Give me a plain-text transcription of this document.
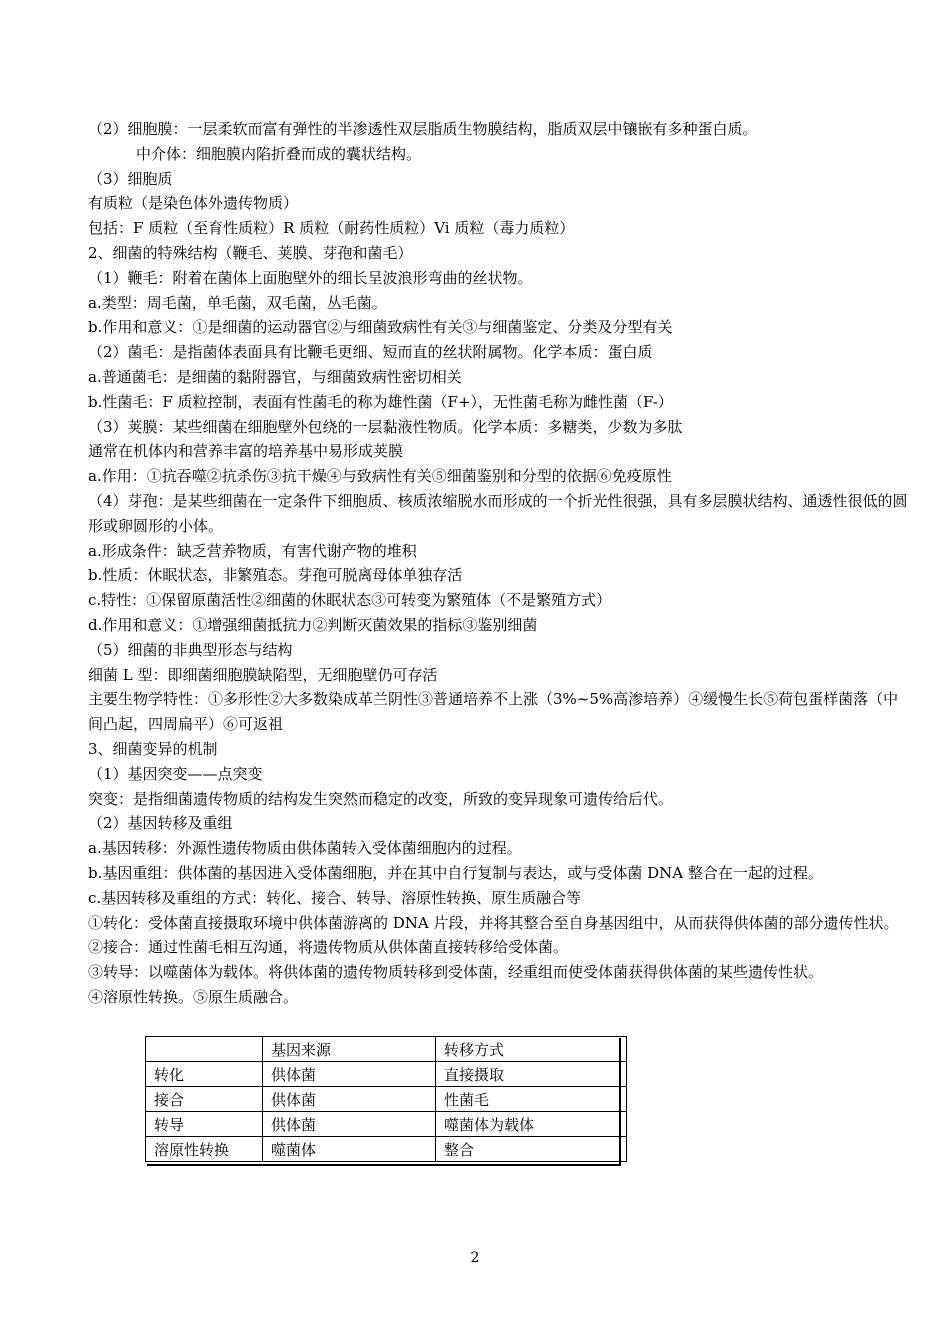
（2）细胞膜：一层柔软而富有弹性的半渗透性双层脂质生物膜结构，脂质双层中镶嵌有多种蛋白质。
中介体：细胞膜内陷折叠而成的囊状结构。
（3）细胞质
有质粒（是染色体外遗传物质）
包括：F 质粒（至育性质粒）R 质粒（耐药性质粒）Vi 质粒（毒力质粒）
2、细菌的特殊结构（鞭毛、荚膜、芽孢和菌毛）
（1）鞭毛：附着在菌体上面胞壁外的细长呈波浪形弯曲的丝状物。
a.类型：周毛菌，单毛菌，双毛菌，丛毛菌。
b.作用和意义：①是细菌的运动器官②与细菌致病性有关③与细菌鉴定、分类及分型有关
（2）菌毛：是指菌体表面具有比鞭毛更细、短而直的丝状附属物。化学本质：蛋白质
a.普通菌毛：是细菌的黏附器官，与细菌致病性密切相关
b.性菌毛：F 质粒控制，表面有性菌毛的称为雄性菌（F+），无性菌毛称为雌性菌（F-）
（3）荚膜：某些细菌在细胞壁外包绕的一层黏液性物质。化学本质：多糖类，少数为多肽
通常在机体内和营养丰富的培养基中易形成荚膜
a.作用：①抗吞噬②抗杀伤③抗干燥④与致病性有关⑤细菌鉴别和分型的依据⑥免疫原性
（4）芽孢：是某些细菌在一定条件下细胞质、核质浓缩脱水而形成的一个折光性很强，具有多层膜状结构、通透性很低的圆形或卵圆形的小体。
a.形成条件：缺乏营养物质，有害代谢产物的堆积
b.性质：休眠状态，非繁殖态。芽孢可脱离母体单独存活
c.特性：①保留原菌活性②细菌的休眠状态③可转变为繁殖体（不是繁殖方式）
d.作用和意义：①增强细菌抵抗力②判断灭菌效果的指标③鉴别细菌
（5）细菌的非典型形态与结构
细菌 L 型：即细菌细胞膜缺陷型，无细胞壁仍可存活
主要生物学特性：①多形性②大多数染成革兰阴性③普通培养不上涨（3%~5%高渗培养）④缓慢生长⑤荷包蛋样菌落（中间凸起，四周扁平）⑥可返祖
3、细菌变异的机制
（1）基因突变——点突变
突变：是指细菌遗传物质的结构发生突然而稳定的改变，所致的变异现象可遗传给后代。
（2）基因转移及重组
a.基因转移：外源性遗传物质由供体菌转入受体菌细胞内的过程。
b.基因重组：供体菌的基因进入受体菌细胞，并在其中自行复制与表达，或与受体菌 DNA 整合在一起的过程。
c.基因转移及重组的方式：转化、接合、转导、溶原性转换、原生质融合等
①转化：受体菌直接摄取环境中供体菌游离的 DNA 片段，并将其整合至自身基因组中，从而获得供体菌的部分遗传性状。
②接合：通过性菌毛相互沟通，将遗传物质从供体菌直接转移给受体菌。
③转导：以噬菌体为载体。将供体菌的遗传物质转移到受体菌，经重组而使受体菌获得供体菌的某些遗传性状。
④溶原性转换。⑤原生质融合。
	基因来源	转移方式
转化	供体菌	直接摄取
接合	供体菌	性菌毛
转导	供体菌	噬菌体为载体
溶原性转换	噬菌体	整合
2
